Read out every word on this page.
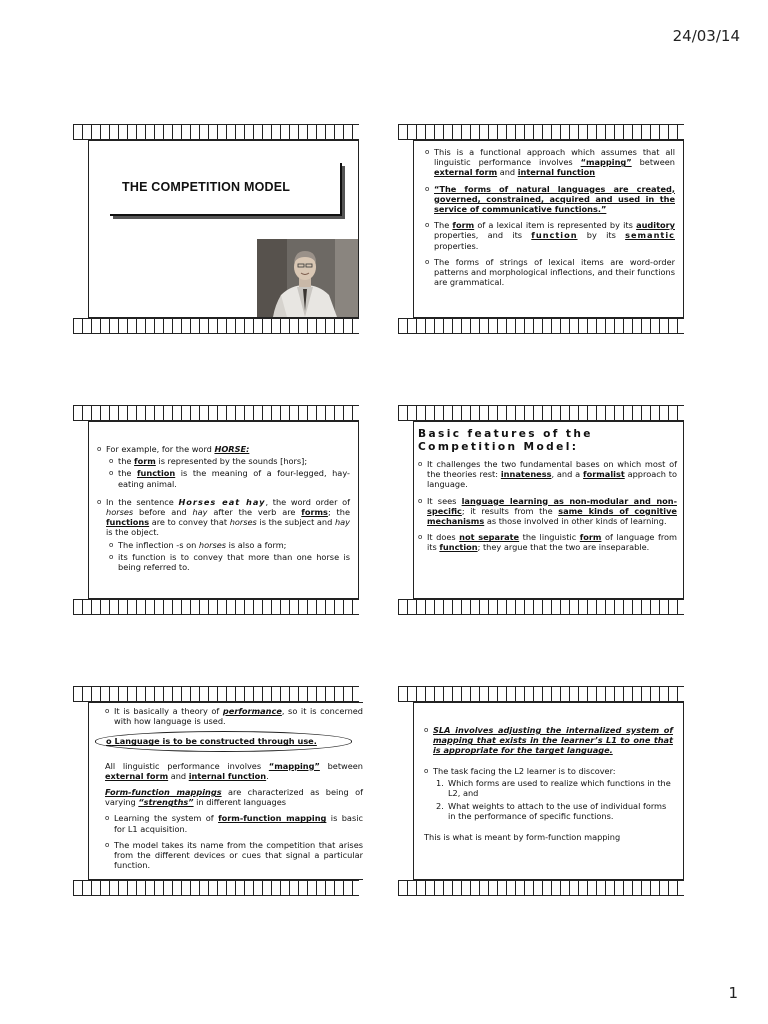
24/03/14
THE COMPETITION MODEL
o This is a functional approach which assumes that all linguistic performance involves “mapping” between external form and internal function
o “The forms of natural languages are created, governed, constrained, acquired and used in the service of communicative functions.”
o The form of a lexical item is represented by its auditory properties, and its function by its semantic properties.
o The forms of strings of lexical items are word-order patterns and morphological inflections, and their functions are grammatical.
o For example, for the word HORSE:
o the form is represented by the sounds [hors];
o the function is the meaning of a four-legged, hay-eating animal.
o In the sentence Horses eat hay, the word order of horses before and hay after the verb are forms; the functions are to convey that horses is the subject and hay is the object.
o The inflection -s on horses is also a form;
o its function is to convey that more than one horse is being referred to.
Basic features of the Competition Model:
o It challenges the two fundamental bases on which most of the theories rest: innateness, and a formalist approach to language.
o It sees language learning as non-modular and non-specific; it results from the same kinds of cognitive mechanisms as those involved in other kinds of learning.
o It does not separate the linguistic form of language from its function; they argue that the two are inseparable.
o It is basically a theory of performance, so it is concerned with how language is used.
o Language is to be constructed through use.
All linguistic performance involves “mapping” between external form and internal function.
Form-function mappings are characterized as being of varying “strengths” in different languages
o Learning the system of form-function mapping is basic for L1 acquisition.
o The model takes its name from the competition that arises from the different devices or cues that signal a particular function.
o SLA involves adjusting the internalized system of mapping that exists in the learner’s L1 to one that is appropriate for the target language.
o The task facing the L2 learner is to discover:
1. Which forms are used to realize which functions in the L2, and
2. What weights to attach to the use of individual forms in the performance of specific functions.
This is what is meant by form-function mapping
1
